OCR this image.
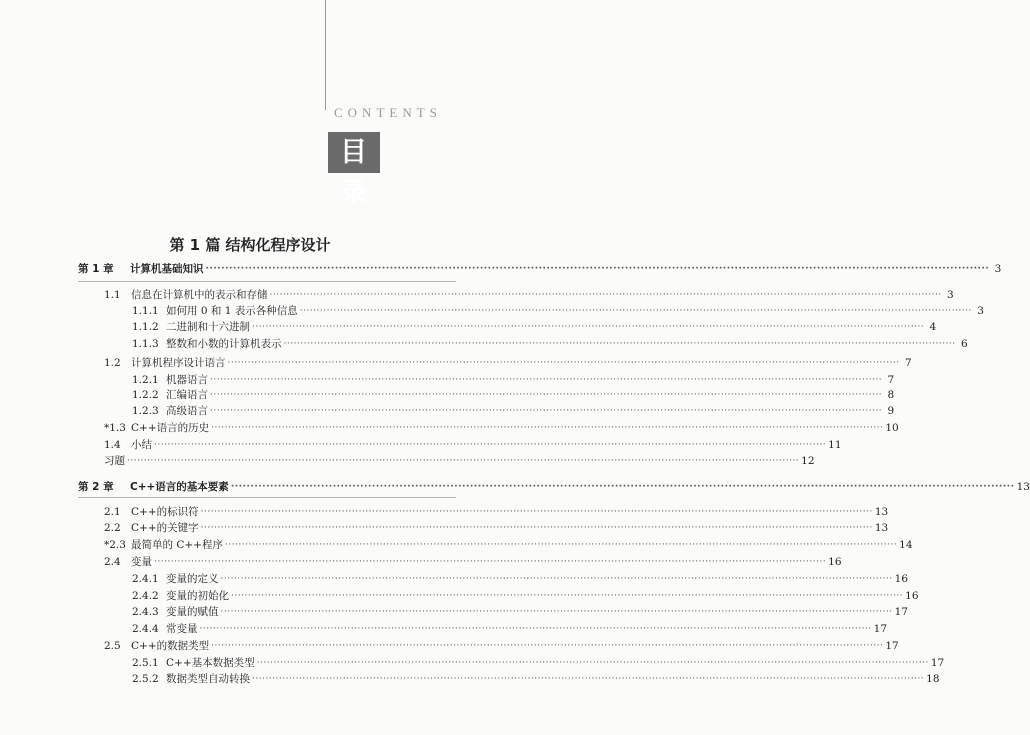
CONTENTS
目录
第 1 篇 结构化程序设计
第 1 章 计算机基础知识 ········································································································································································································ 3
1.1 信息在计算机中的表示和存储 ········································································································································································································ 3
1.1.1 如何用 0 和 1 表示各种信息 ········································································································································································································ 3
1.1.2 二进制和十六进制 ········································································································································································································ 4
1.1.3 整数和小数的计算机表示 ········································································································································································································ 6
1.2 计算机程序设计语言 ········································································································································································································ 7
1.2.1 机器语言 ········································································································································································································ 7
1.2.2 汇编语言 ········································································································································································································ 8
1.2.3 高级语言 ········································································································································································································ 9
*1.3 C++语言的历史 ········································································································································································································ 10
1.4 小结 ········································································································································································································ 11
习题 ········································································································································································································ 12
第 2 章 C++语言的基本要素 ········································································································································································································ 13
2.1 C++的标识符 ········································································································································································································ 13
2.2 C++的关键字 ········································································································································································································ 13
*2.3 最简单的 C++程序 ········································································································································································································ 14
2.4 变量 ········································································································································································································ 16
2.4.1 变量的定义 ········································································································································································································ 16
2.4.2 变量的初始化 ········································································································································································································ 16
2.4.3 变量的赋值 ········································································································································································································ 17
2.4.4 常变量 ········································································································································································································ 17
2.5 C++的数据类型 ········································································································································································································ 17
2.5.1 C++基本数据类型 ········································································································································································································ 17
2.5.2 数据类型自动转换 ········································································································································································································ 18
